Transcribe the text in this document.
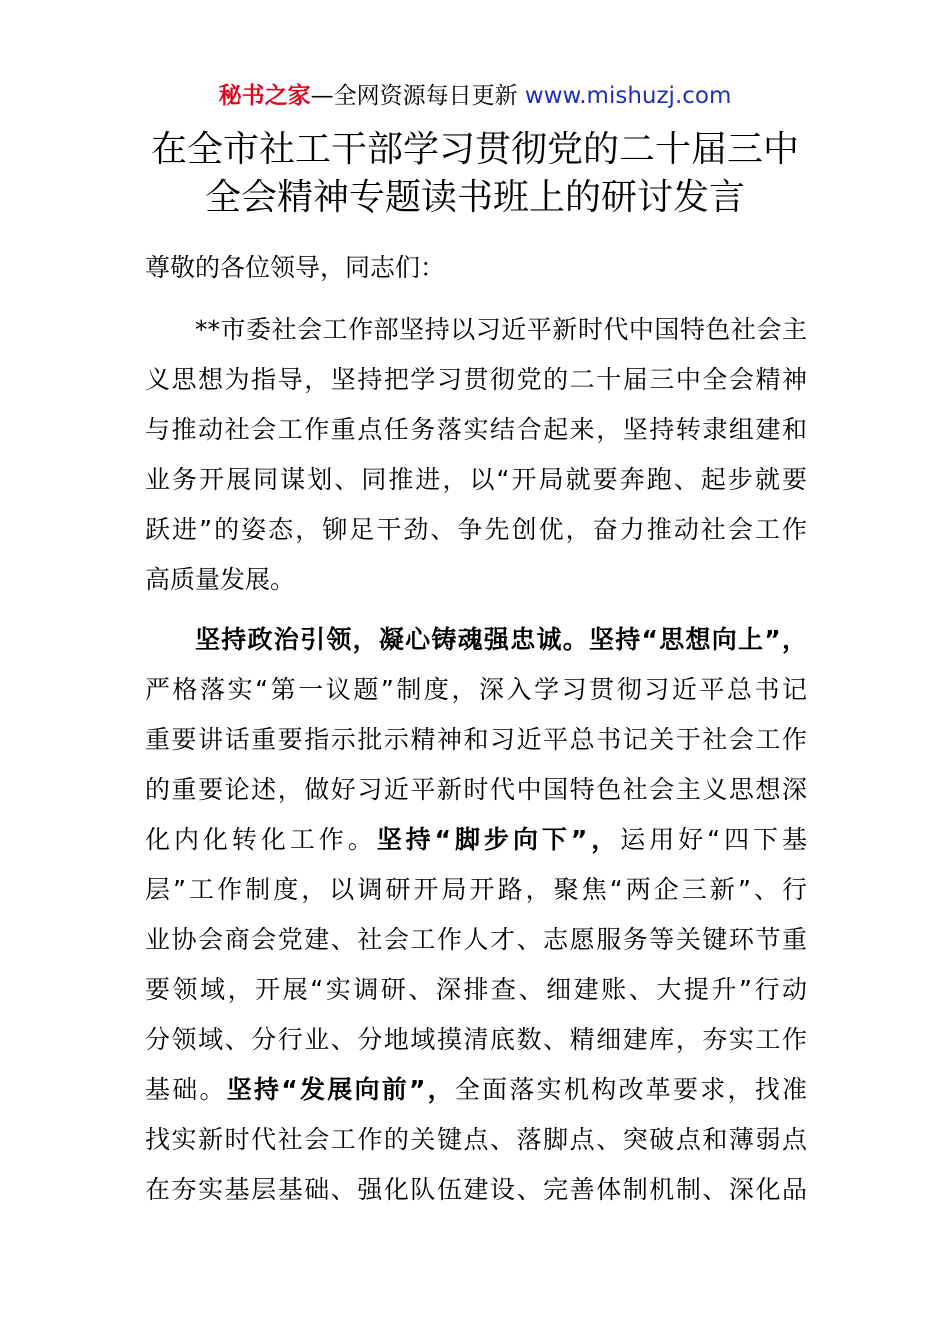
秘书之家—全网资源每日更新 www.mishuzj.com
在全市社工干部学习贯彻党的二十届三中
全会精神专题读书班上的研讨发言
尊敬的各位领导，同志们：
**市委社会工作部坚持以习近平新时代中国特色社会主
义思想为指导，坚持把学习贯彻党的二十届三中全会精神
与推动社会工作重点任务落实结合起来，坚持转隶组建和
业务开展同谋划、同推进，以“开局就要奔跑、起步就要
跃进”的姿态，铆足干劲、争先创优，奋力推动社会工作
高质量发展。
坚持政治引领，凝心铸魂强忠诚。坚持“思想向上”，
严格落实“第一议题”制度，深入学习贯彻习近平总书记
重要讲话重要指示批示精神和习近平总书记关于社会工作
的重要论述，做好习近平新时代中国特色社会主义思想深
化内化转化工作。坚持“脚步向下”，运用好“四下基
层”工作制度，以调研开局开路，聚焦“两企三新”、行
业协会商会党建、社会工作人才、志愿服务等关键环节重
要领域，开展“实调研、深排查、细建账、大提升”行动
分领域、分行业、分地域摸清底数、精细建库，夯实工作
基础。坚持“发展向前”，全面落实机构改革要求，找准
找实新时代社会工作的关键点、落脚点、突破点和薄弱点
在夯实基层基础、强化队伍建设、完善体制机制、深化品
